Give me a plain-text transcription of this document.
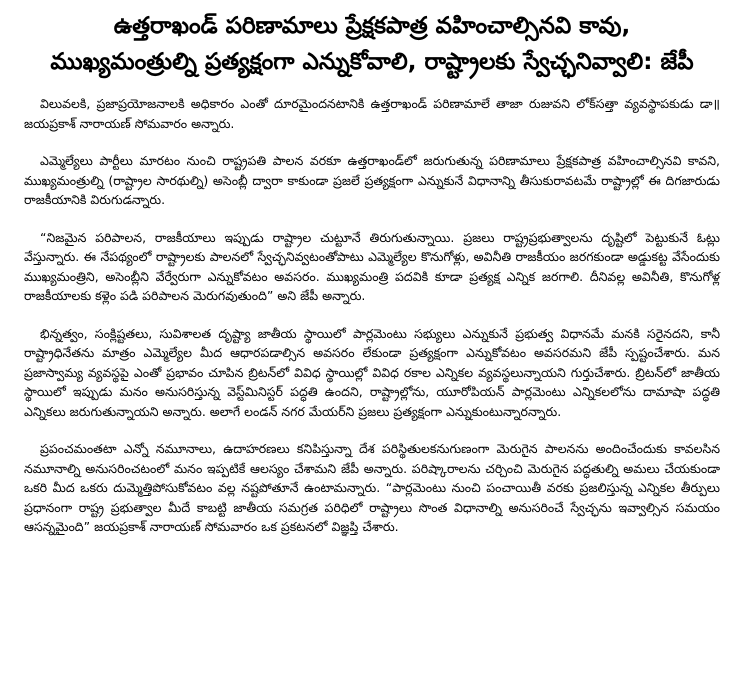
ఉత్తరాఖండ్ పరిణామాలు ప్రేక్షకపాత్ర వహించాల్సినవి కావు,
ముఖ్యమంత్రుల్ని ప్రత్యక్షంగా ఎన్నుకోవాలి, రాష్ట్రాలకు స్వేచ్ఛనివ్వాలి: జేపీ

విలువలకి, ప్రజాప్రయోజనాలకి అధికారం ఎంతో దూరమైందనటానికి ఉత్తరాఖండ్ పరిణామాలే తాజా రుజువని లోక్‌సత్తా వ్యవస్థాపకుడు డా॥ జయప్రకాశ్ నారాయణ్ సోమవారం అన్నారు.

ఎమ్మెల్యేలు పార్టీలు మారటం నుంచి రాష్ట్రపతి పాలన వరకూ ఉత్తరాఖండ్‌లో జరుగుతున్న పరిణామాలు ప్రేక్షకపాత్ర వహించాల్సినవి కావని, ముఖ్యమంత్రుల్ని (రాష్ట్రాల సారథుల్ని) అసెంబ్లీ ద్వారా కాకుండా ప్రజలే ప్రత్యక్షంగా ఎన్నుకునే విధానాన్ని తీసుకురావటమే రాష్ట్రాల్లో ఈ దిగజారుడు రాజకీయానికి విరుగుడన్నారు.

“నిజమైన పరిపాలన, రాజకీయాలు ఇప్పుడు రాష్ట్రాల చుట్టూనే తిరుగుతున్నాయి. ప్రజలు రాష్ట్రప్రభుత్వాలను దృష్టిలో పెట్టుకునే ఓట్లు వేస్తున్నారు. ఈ నేపథ్యంలో రాష్ట్రాలకు పాలనలో స్వేచ్ఛనివ్వటంతోపాటు ఎమ్మెల్యేల కొనుగోళ్లు, అవినీతి రాజకీయం జరగకుండా అడ్డుకట్ట వేసేందుకు ముఖ్యమంత్రిని, అసెంబ్లీని వేర్వేరుగా ఎన్నుకోవటం అవసరం. ముఖ్యమంత్రి పదవికి కూడా ప్రత్యక్ష ఎన్నిక జరగాలి. దీనివల్ల అవినీతి, కొనుగోళ్ల రాజకీయాలకు కళ్లెం పడి పరిపాలన మెరుగవుతుంది” అని జేపీ అన్నారు.

భిన్నత్వం, సంక్లిష్టతలు, సువిశాలత దృష్ట్యా జాతీయ స్థాయిలో పార్లమెంటు సభ్యులు ఎన్నుకునే ప్రభుత్వ విధానమే మనకి సరైనదని, కానీ రాష్ట్రాధినేతను మాత్రం ఎమ్మెల్యేల మీద ఆధారపడాల్సిన అవసరం లేకుండా ప్రత్యక్షంగా ఎన్నుకోవటం అవసరమని జేపీ స్పష్టంచేశారు. మన ప్రజాస్వామ్య వ్యవస్థపై ఎంతో ప్రభావం చూపిన బ్రిటన్‌లో వివిధ స్థాయిల్లో వివిధ రకాల ఎన్నికల వ్యవస్థలున్నాయని గుర్తుచేశారు. బ్రిటన్‌లో జాతీయ స్థాయిలో ఇప్పుడు మనం అనుసరిస్తున్న వెస్ట్‌మినిస్టర్ పద్ధతి ఉందని, రాష్ట్రాల్లోను, యూరోపియన్ పార్లమెంటు ఎన్నికలలోను దామాషా పద్ధతి ఎన్నికలు జరుగుతున్నాయని అన్నారు. అలాగే లండన్ నగర మేయర్‌ని ప్రజలు ప్రత్యక్షంగా ఎన్నుకుంటున్నారన్నారు.

ప్రపంచమంతటా ఎన్నో నమూనాలు, ఉదాహరణలు కనిపిస్తున్నా దేశ పరిస్థితులకనుగుణంగా మెరుగైన పాలనను అందించేందుకు కావలసిన నమూనాల్ని అనుసరించటంలో మనం ఇప్పటికే ఆలస్యం చేశామని జేపీ అన్నారు. పరిష్కారాలను చర్చించి మెరుగైన పద్ధతుల్ని అమలు చేయకుండా ఒకరి మీద ఒకరు దుమ్మెత్తిపోసుకోవటం వల్ల నష్టపోతూనే ఉంటామన్నారు. “పార్లమెంటు నుంచి పంచాయితీ వరకు ప్రజలిస్తున్న ఎన్నికల తీర్పులు ప్రధానంగా రాష్ట్ర ప్రభుత్వాల మీదే కాబట్టి జాతీయ సమగ్రత పరిధిలో రాష్ట్రాలు సొంత విధానాల్ని అనుసరించే స్వేచ్ఛను ఇవ్వాల్సిన సమయం ఆసన్నమైంది” జయప్రకాశ్ నారాయణ్ సోమవారం ఒక ప్రకటనలో విజ్ఞప్తి చేశారు.
